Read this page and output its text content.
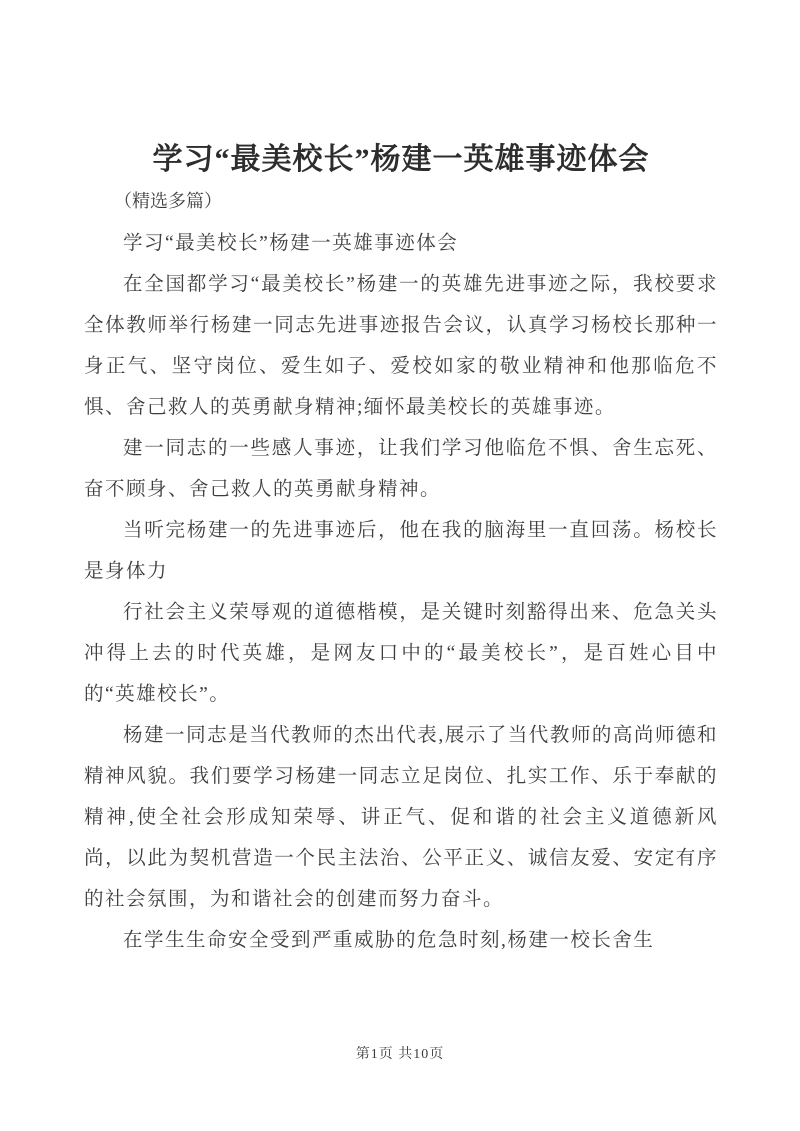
学习“最美校长”杨建一英雄事迹体会
（精选多篇）

学习“最美校长”杨建一英雄事迹体会

在全国都学习“最美校长”杨建一的英雄先进事迹之际，我校要求全体教师举行杨建一同志先进事迹报告会议，认真学习杨校长那种一身正气、坚守岗位、爱生如子、爱校如家的敬业精神和他那临危不惧、舍己救人的英勇献身精神;缅怀最美校长的英雄事迹。

建一同志的一些感人事迹，让我们学习他临危不惧、舍生忘死、奋不顾身、舍己救人的英勇献身精神。

当听完杨建一的先进事迹后，他在我的脑海里一直回荡。杨校长是身体力

行社会主义荣辱观的道德楷模，是关键时刻豁得出来、危急关头冲得上去的时代英雄，是网友口中的“最美校长”，是百姓心目中的“英雄校长”。

杨建一同志是当代教师的杰出代表,展示了当代教师的高尚师德和精神风貌。我们要学习杨建一同志立足岗位、扎实工作、乐于奉献的精神,使全社会形成知荣辱、讲正气、促和谐的社会主义道德新风尚，以此为契机营造一个民主法治、公平正义、诚信友爱、安定有序的社会氛围，为和谐社会的创建而努力奋斗。

在学生生命安全受到严重威胁的危急时刻,杨建一校长舍生

第1页 共10页
